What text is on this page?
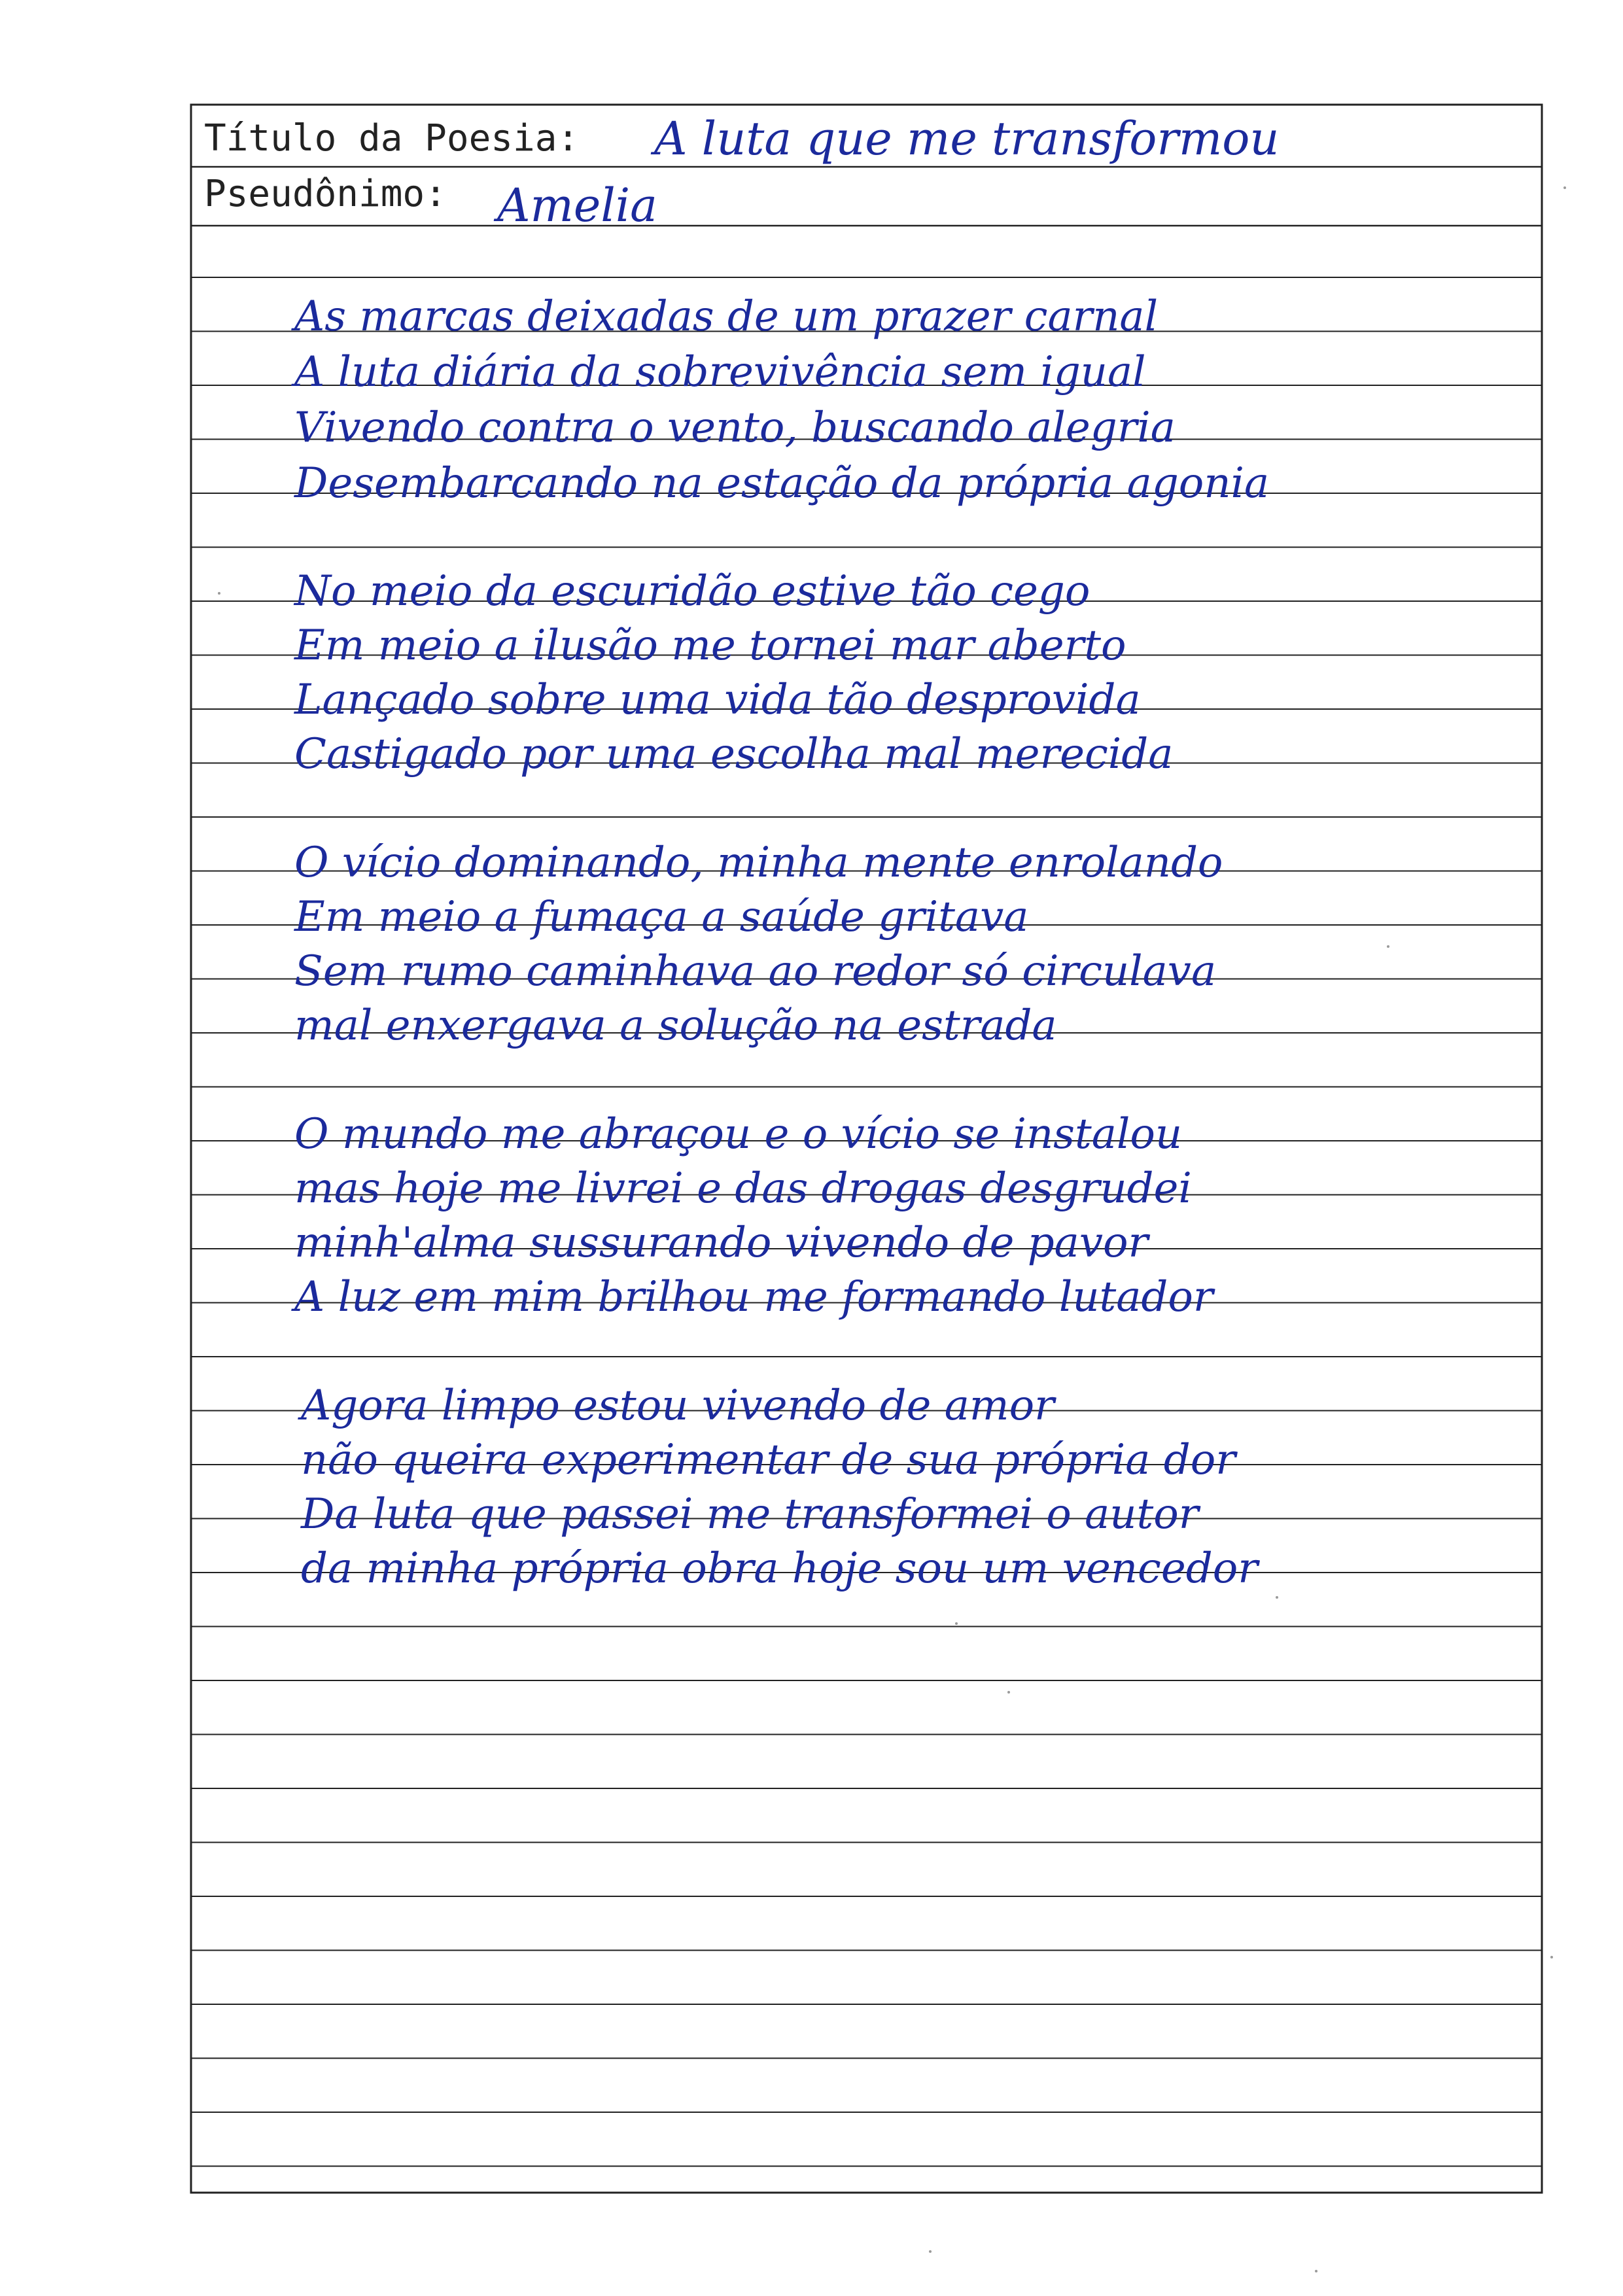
Título da Poesia: A luta que me transformou
Pseudônimo: Amelia
As marcas deixadas de um prazer carnal
A luta diária da sobrevivência sem igual
Vivendo contra o vento, buscando alegria
Desembarcando na estação da própria agonia
No meio da escuridão estive tão cego
Em meio a ilusão me tornei mar aberto
Lançado sobre uma vida tão desprovida
Castigado por uma escolha mal merecida
O vício dominando, minha mente enrolando
Em meio a fumaça a saúde gritava
Sem rumo caminhava ao redor só circulava
mal enxergava a solução na estrada
O mundo me abraçou e o vício se instalou
mas hoje me livrei e das drogas desgrudei
minh'alma sussurando vivendo de pavor
A luz em mim brilhou me formando lutador
Agora limpo estou vivendo de amor
não queira experimentar de sua própria dor
Da luta que passei me transformei o autor
da minha própria obra hoje sou um vencedor
